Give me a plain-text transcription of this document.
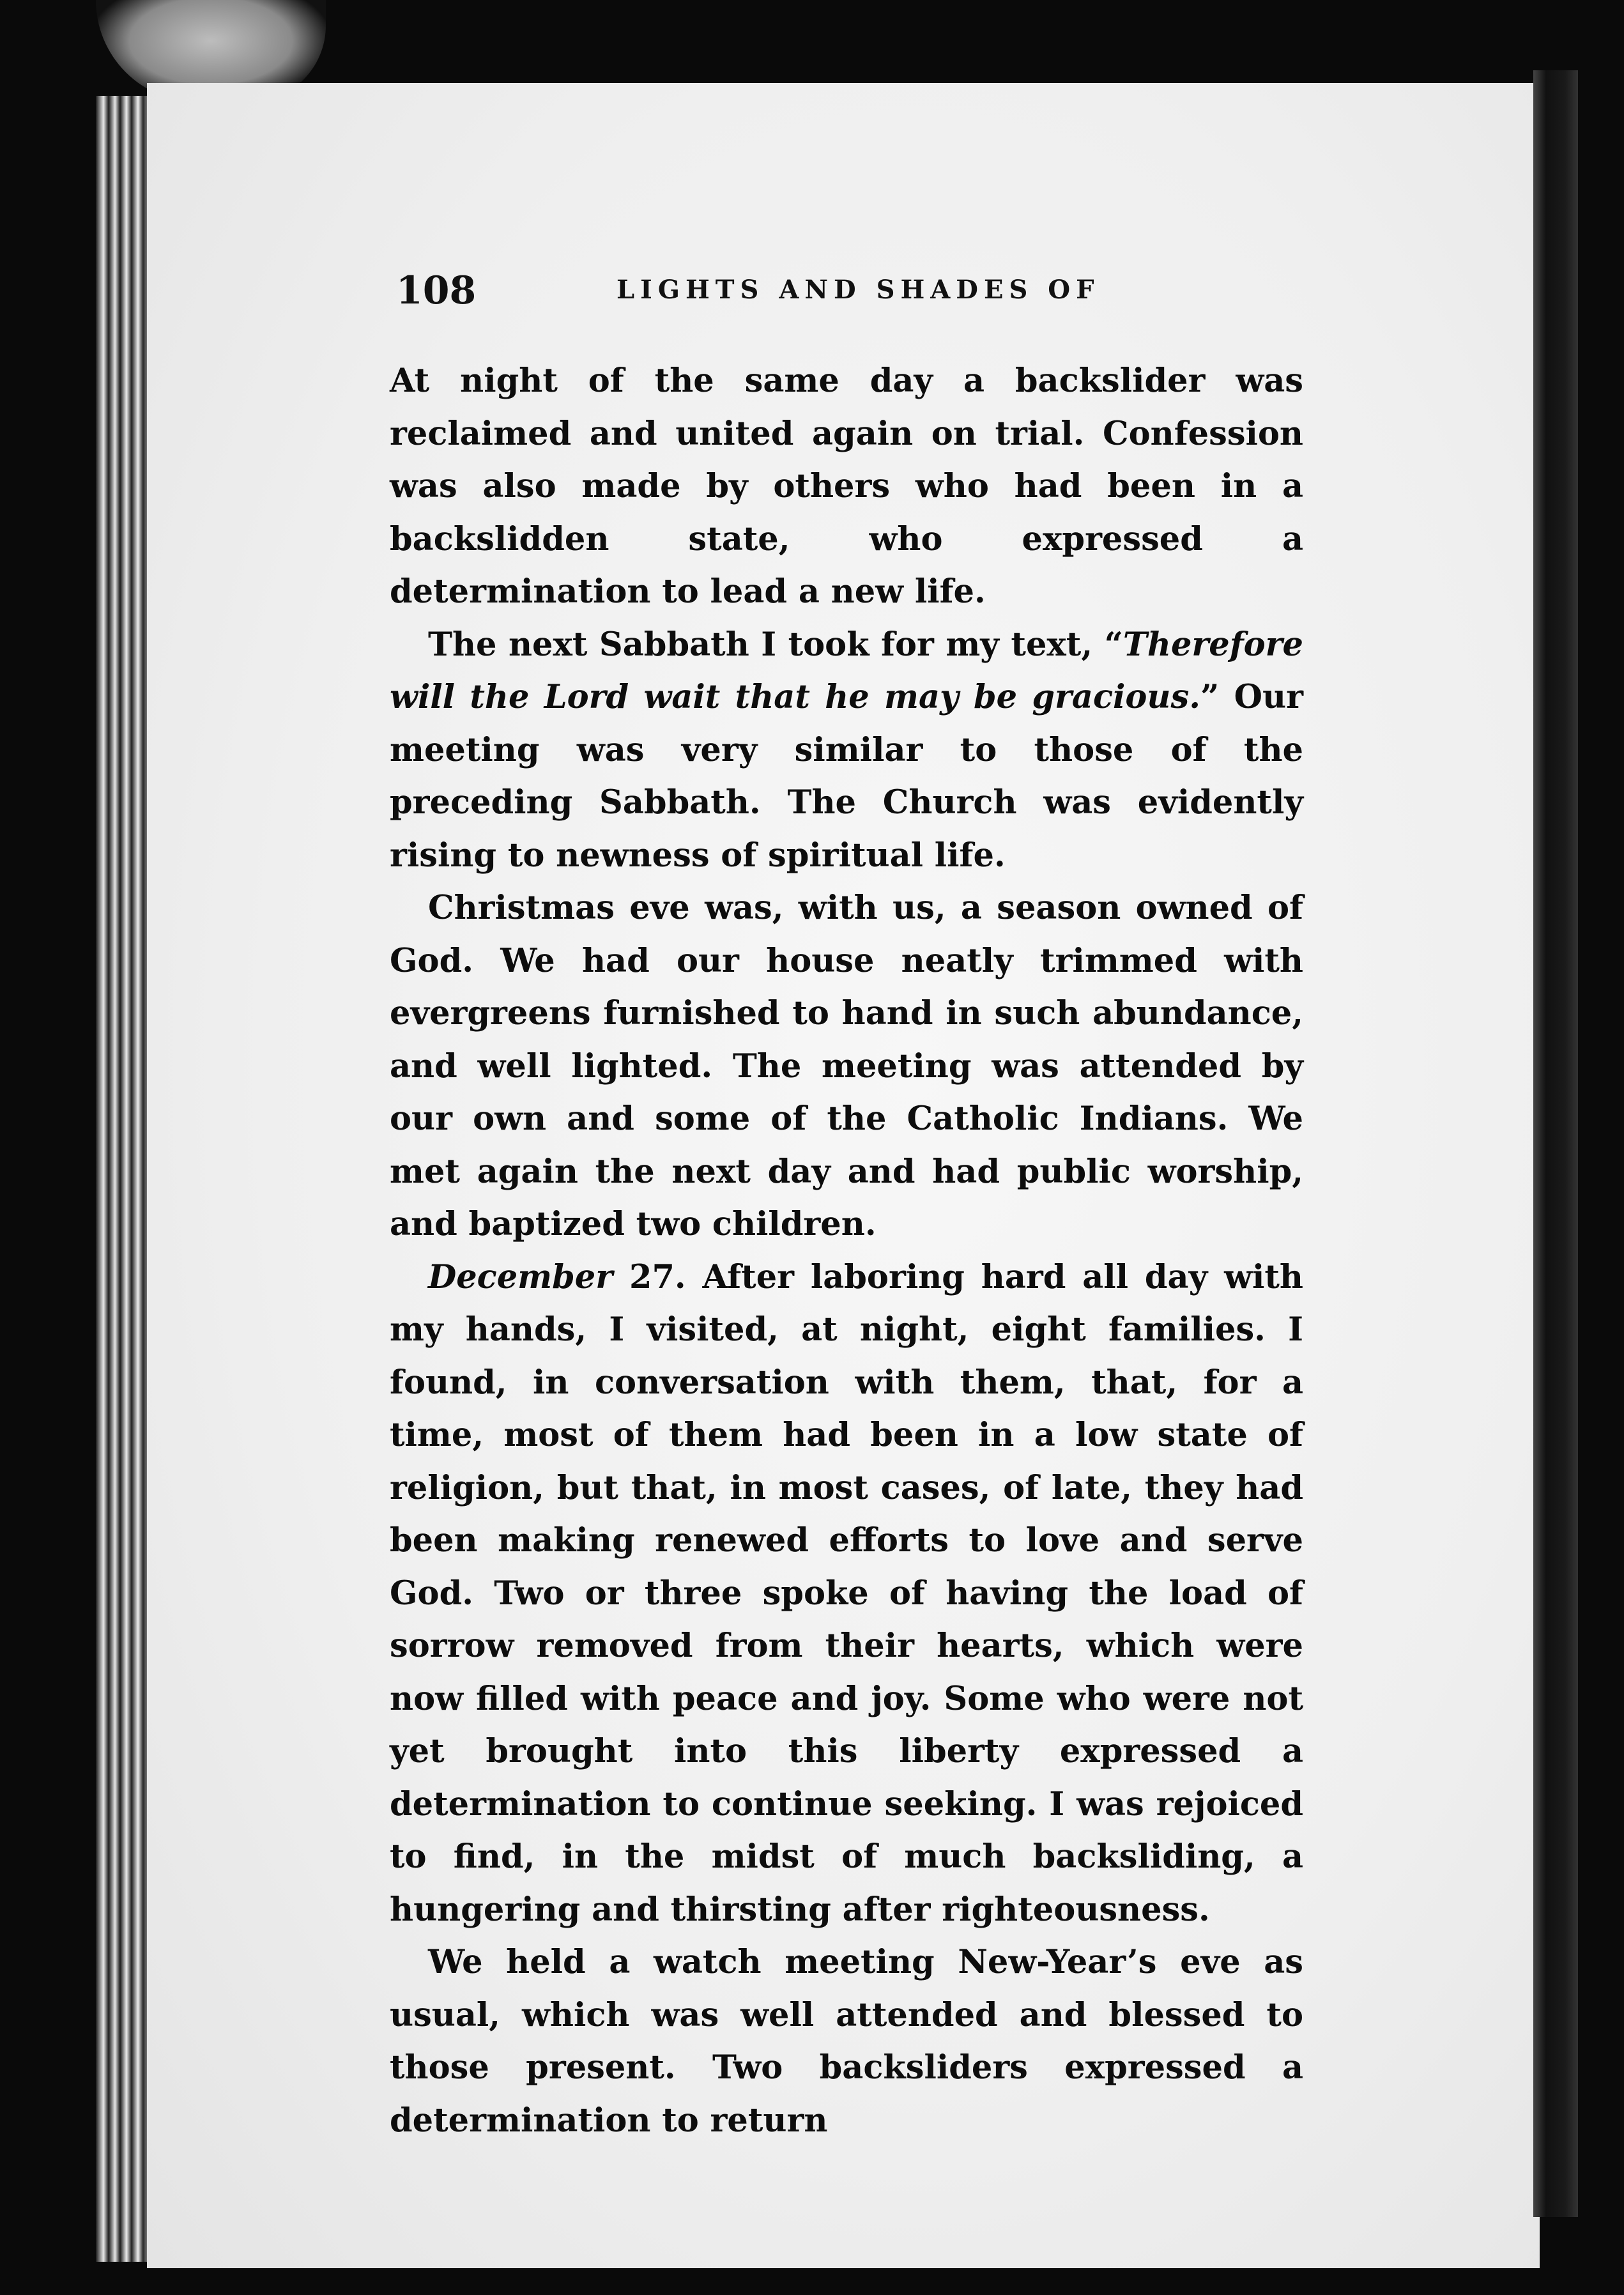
108	LIGHTS AND SHADES OF

At night of the same day a backslider was reclaimed and united again on trial. Confession was also made by others who had been in a backslidden state, who expressed a determination to lead a new life.

The next Sabbath I took for my text, “Therefore will the Lord wait that he may be gracious.” Our meeting was very similar to those of the preceding Sabbath. The Church was evidently rising to newness of spiritual life.

Christmas eve was, with us, a season owned of God. We had our house neatly trimmed with evergreens furnished to hand in such abundance, and well lighted. The meeting was attended by our own and some of the Catholic Indians. We met again the next day and had public worship, and baptized two children.

December 27. After laboring hard all day with my hands, I visited, at night, eight families. I found, in conversation with them, that, for a time, most of them had been in a low state of religion, but that, in most cases, of late, they had been making renewed efforts to love and serve God. Two or three spoke of having the load of sorrow removed from their hearts, which were now filled with peace and joy. Some who were not yet brought into this liberty expressed a determination to continue seeking. I was rejoiced to find, in the midst of much backsliding, a hungering and thirsting after righteousness.

We held a watch meeting New-Year’s eve as usual, which was well attended and blessed to those present. Two backsliders expressed a determination to return
